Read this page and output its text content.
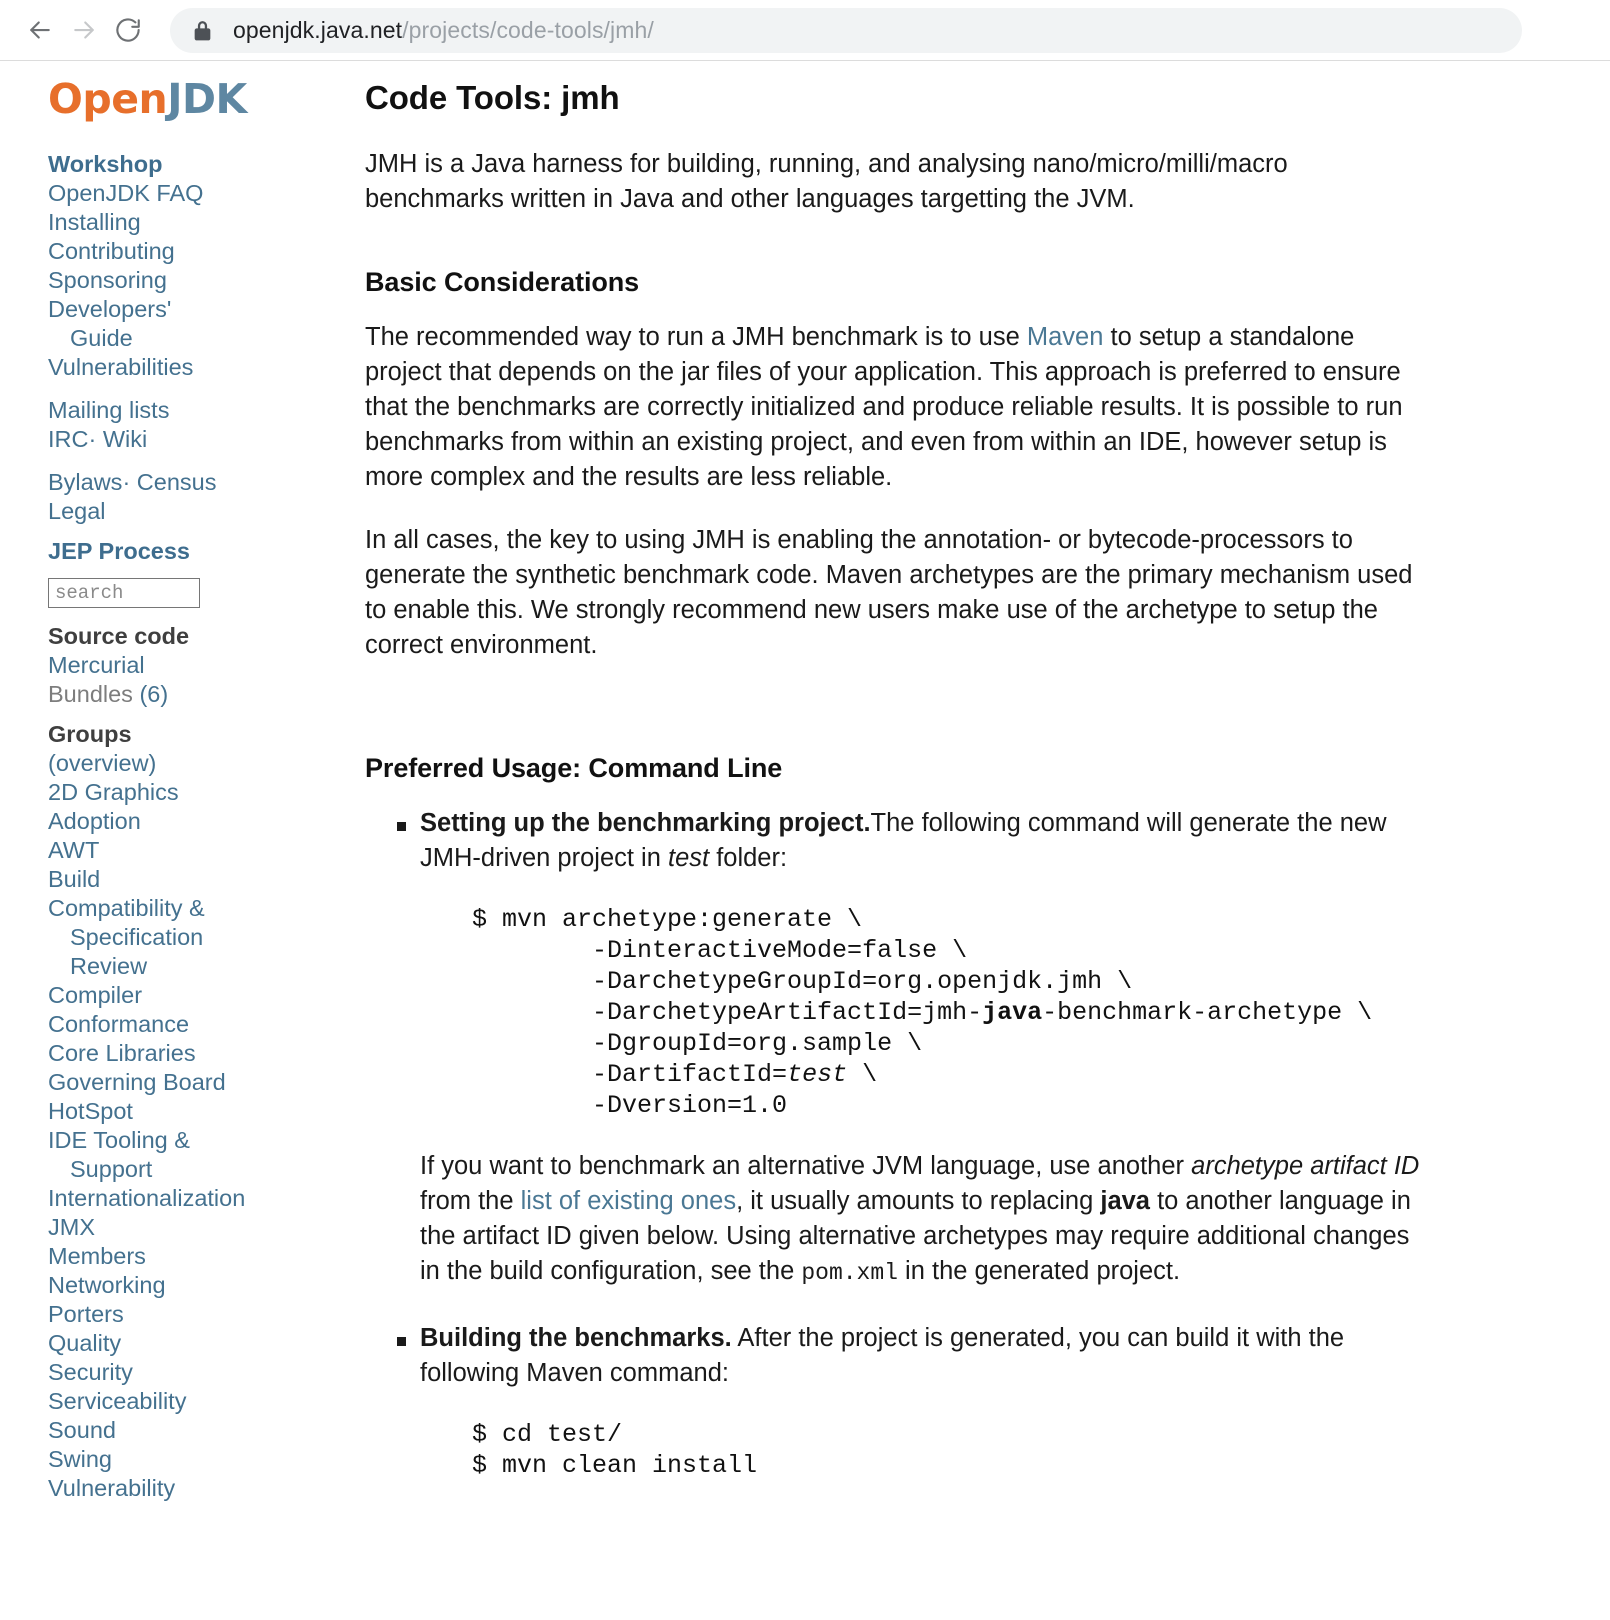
openjdk.java.net/projects/code-tools/jmh/
OpenJDK
Workshop
OpenJDK FAQ
Installing
Contributing
Sponsoring
Developers'
Guide
Vulnerabilities
Mailing lists
IRC· Wiki
Bylaws· Census
Legal
JEP Process
search
Source code
Mercurial
Bundles (6)
Groups
(overview)
2D Graphics
Adoption
AWT
Build
Compatibility &
Specification
Review
Compiler
Conformance
Core Libraries
Governing Board
HotSpot
IDE Tooling &
Support
Internationalization
JMX
Members
Networking
Porters
Quality
Security
Serviceability
Sound
Swing
Vulnerability
Code Tools: jmh

JMH is a Java harness for building, running, and analysing nano/micro/milli/macro benchmarks written in Java and other languages targetting the JVM.

Basic Considerations

The recommended way to run a JMH benchmark is to use Maven to setup a standalone project that depends on the jar files of your application. This approach is preferred to ensure that the benchmarks are correctly initialized and produce reliable results. It is possible to run benchmarks from within an existing project, and even from within an IDE, however setup is more complex and the results are less reliable.

In all cases, the key to using JMH is enabling the annotation- or bytecode-processors to generate the synthetic benchmark code. Maven archetypes are the primary mechanism used to enable this. We strongly recommend new users make use of the archetype to setup the correct environment.

Preferred Usage: Command Line

Setting up the benchmarking project.The following command will generate the new JMH-driven project in test folder:

$ mvn archetype:generate \
-DinteractiveMode=false \
-DarchetypeGroupId=org.openjdk.jmh \
-DarchetypeArtifactId=jmh-java-benchmark-archetype \
-DgroupId=org.sample \
-DartifactId=test \
-Dversion=1.0

If you want to benchmark an alternative JVM language, use another archetype artifact ID from the list of existing ones, it usually amounts to replacing java to another language in the artifact ID given below. Using alternative archetypes may require additional changes in the build configuration, see the pom.xml in the generated project.

Building the benchmarks. After the project is generated, you can build it with the following Maven command:

$ cd test/
$ mvn clean install
